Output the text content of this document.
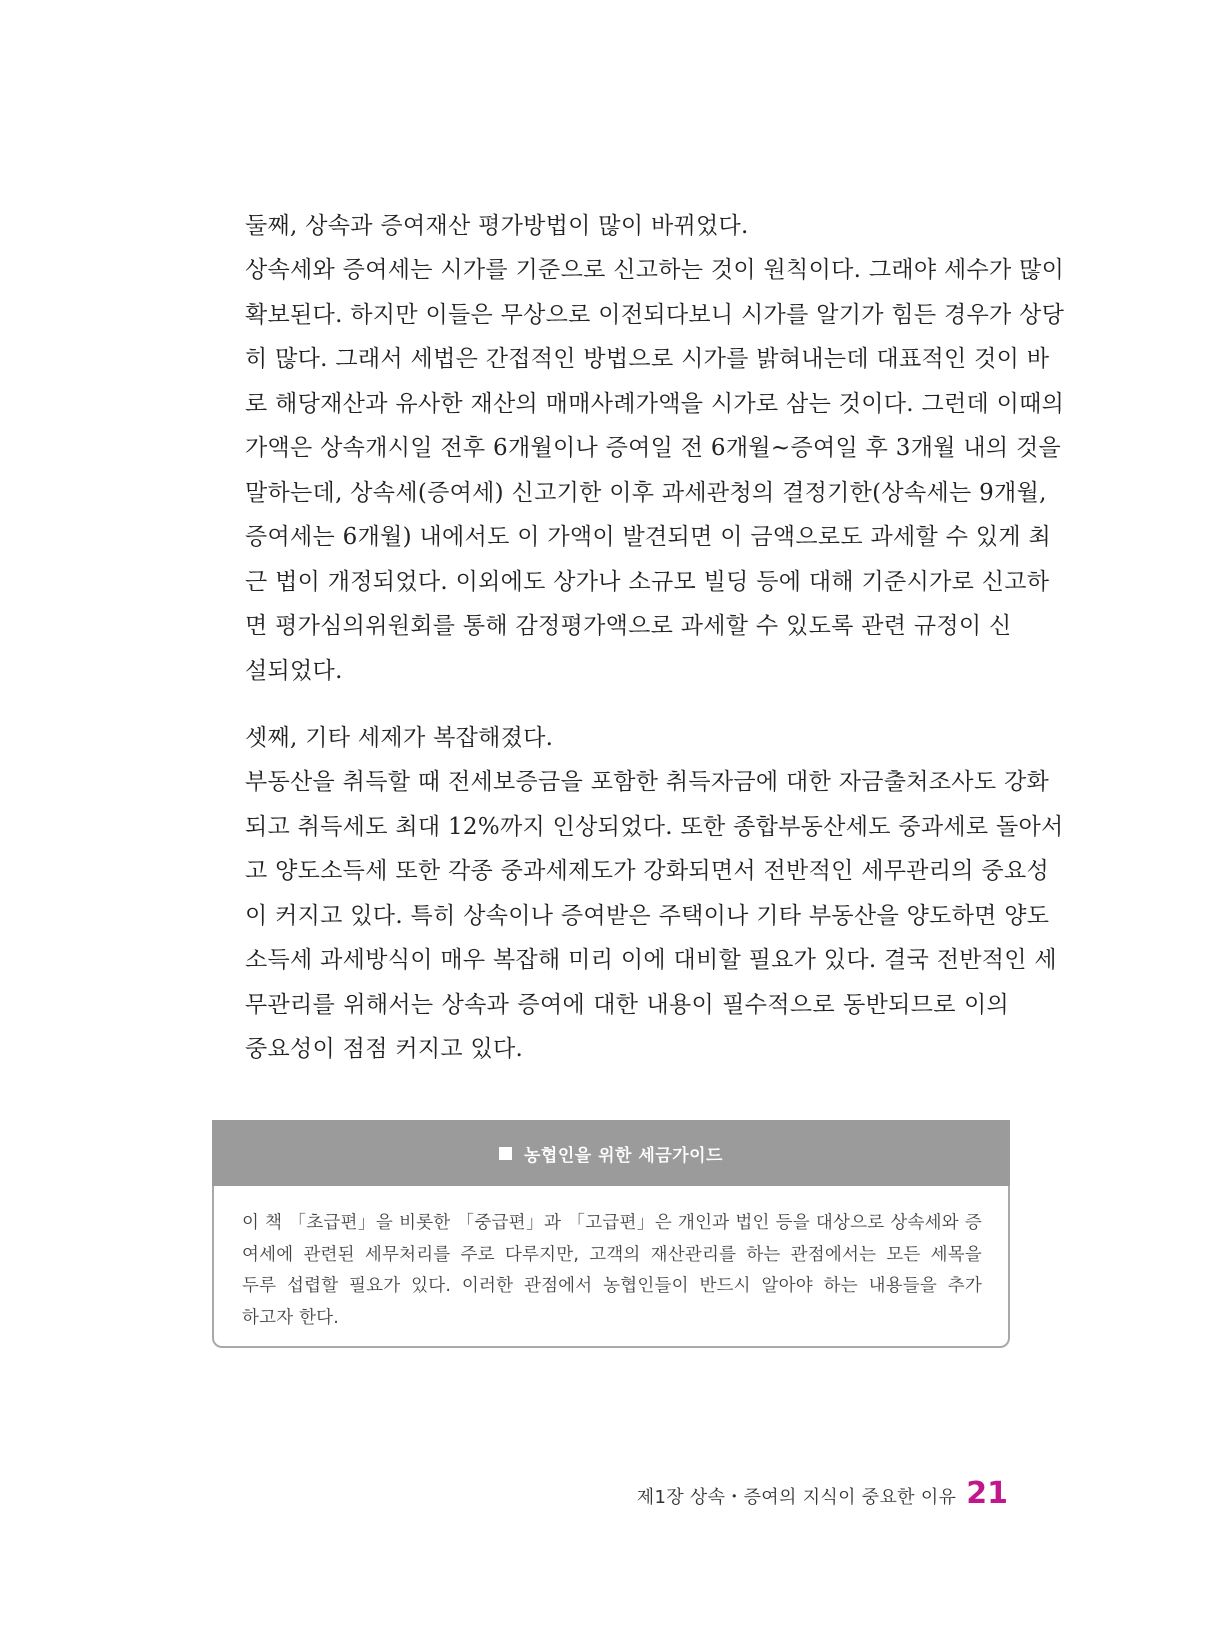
둘째, 상속과 증여재산 평가방법이 많이 바뀌었다.

상속세와 증여세는 시가를 기준으로 신고하는 것이 원칙이다. 그래야 세수가 많이
확보된다. 하지만 이들은 무상으로 이전되다보니 시가를 알기가 힘든 경우가 상당
히 많다. 그래서 세법은 간접적인 방법으로 시가를 밝혀내는데 대표적인 것이 바
로 해당재산과 유사한 재산의 매매사례가액을 시가로 삼는 것이다. 그런데 이때의
가액은 상속개시일 전후 6개월이나 증여일 전 6개월~증여일 후 3개월 내의 것을
말하는데, 상속세(증여세) 신고기한 이후 과세관청의 결정기한(상속세는 9개월,
증여세는 6개월) 내에서도 이 가액이 발견되면 이 금액으로도 과세할 수 있게 최
근 법이 개정되었다. 이외에도 상가나 소규모 빌딩 등에 대해 기준시가로 신고하
면 평가심의위원회를 통해 감정평가액으로 과세할 수 있도록 관련 규정이 신
설되었다.

셋째, 기타 세제가 복잡해졌다.

부동산을 취득할 때 전세보증금을 포함한 취득자금에 대한 자금출처조사도 강화
되고 취득세도 최대 12%까지 인상되었다. 또한 종합부동산세도 중과세로 돌아서
고 양도소득세 또한 각종 중과세제도가 강화되면서 전반적인 세무관리의 중요성
이 커지고 있다. 특히 상속이나 증여받은 주택이나 기타 부동산을 양도하면 양도
소득세 과세방식이 매우 복잡해 미리 이에 대비할 필요가 있다. 결국 전반적인 세
무관리를 위해서는 상속과 증여에 대한 내용이 필수적으로 동반되므로 이의
중요성이 점점 커지고 있다.

농협인을 위한 세금가이드
이 책 「초급편」을 비롯한 「중급편」과 「고급편」은 개인과 법인 등을 대상으로 상속세와 증
여세에 관련된 세무처리를 주로 다루지만, 고객의 재산관리를 하는 관점에서는 모든 세목을
두루 섭렵할 필요가 있다. 이러한 관점에서 농협인들이 반드시 알아야 하는 내용들을 추가
하고자 한다.
제1장 상속・증여의 지식이 중요한 이유 21
